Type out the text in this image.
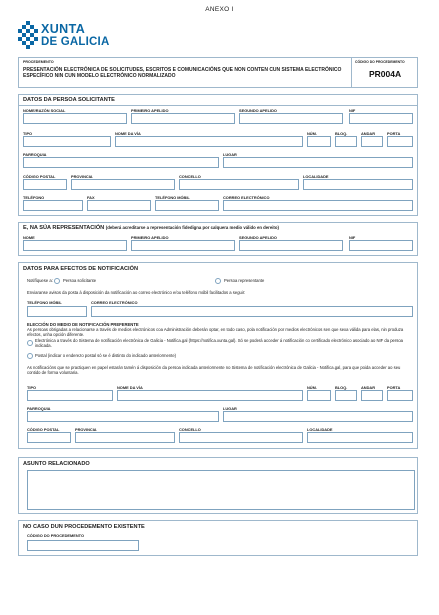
ANEXO I
XUNTA
DE GALICIA
PROCEDEMENTO
PRESENTACIÓN ELECTRÓNICA DE SOLICITUDES, ESCRITOS E COMUNICACIÓNS QUE NON CONTEN CUN SISTEMA ELECTRÓNICO ESPECÍFICO NIN CUN MODELO ELECTRÓNICO NORMALIZADO
CÓDIGO DO PROCEDEMENTO
PR004A
DATOS DA PERSOA SOLICITANTE
NOME/RAZÓN SOCIAL	PRIMEIRO APELIDO	SEGUNDO APELIDO	NIF
TIPO	NOME DA VÍA	NÚM.	BLOQ.	ANDAR	PORTA
PARROQUIA	LUGAR
CÓDIGO POSTAL	PROVINCIA	CONCELLO	LOCALIDADE
TELÉFONO	FAX	TELÉFONO MÓBIL	CORREO ELECTRÓNICO
E, NA SÚA REPRESENTACIÓN (deberá acreditarse a representación fidedigna por calquera medio válido en dereito)
NOME	PRIMEIRO APELIDO	SEGUNDO APELIDO	NIF
DATOS PARA EFECTOS DE NOTIFICACIÓN
Notifíquese a: Persoa solicitante	Persoa representante
Enviaranse avisos da posta á disposición da notificación ao correo electrónico e/ou teléfono móbil facilitados a seguir:
TELÉFONO MÓBIL	CORREO ELECTRÓNICO
ELECCIÓN DO MEDIO DE NOTIFICACIÓN PREFERENTE
As persoas obrigadas a relacionarse a través de medios electrónicos coa Administración deberán optar, en todo caso, pola notificación por medios electrónicos sen que sexa válida para elas, nin produza efectos, unha opción diferente.
Electrónica a través do Sistema de notificación electrónica de Galicia - Notifica.gal (https://notifica.xunta.gal). Só se poderá acceder á notificación co certificado electrónico asociado ao NIF da persoa indicada.
Postal (indicar o enderezo postal só se é distinto do indicado anteriormente)
As notificacións que se practiquen en papel estarán tamén á disposición da persoa indicada anteriormente no Sistema de notificación electrónica de Galicia - Notifica.gal, para que poida acceder ao seu contido de forma voluntaria.
TIPO	NOME DA VÍA	NÚM.	BLOQ.	ANDAR	PORTA
PARROQUIA	LUGAR
CÓDIGO POSTAL	PROVINCIA	CONCELLO	LOCALIDADE
ASUNTO RELACIONADO
NO CASO DUN PROCEDEMENTO EXISTENTE
CÓDIGO DO PROCEDEMENTO
